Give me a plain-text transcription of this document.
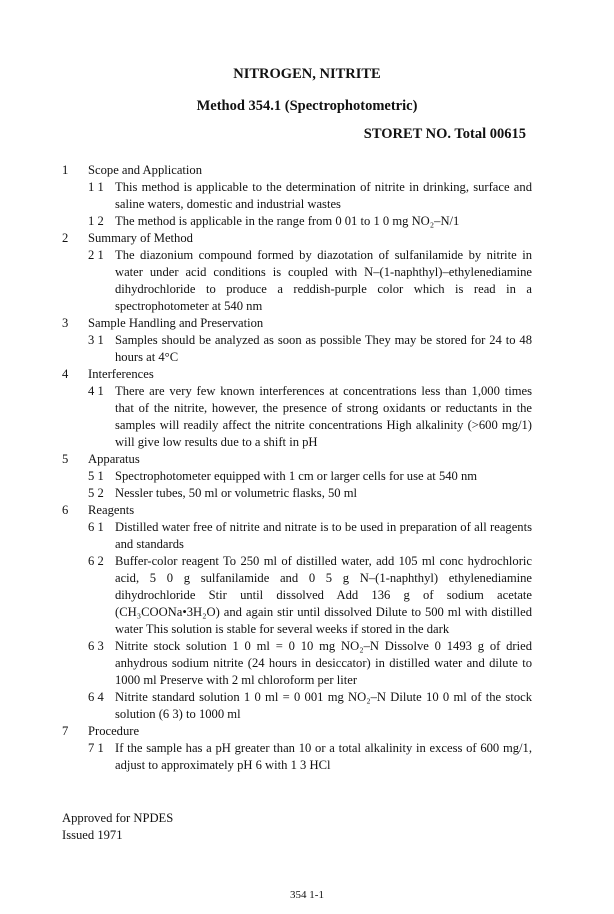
NITROGEN, NITRITE
Method 354.1 (Spectrophotometric)
STORET NO. Total 00615
1	Scope and Application
1 1 This method is applicable to the determination of nitrite in drinking, surface and saline waters, domestic and industrial wastes
1 2 The method is applicable in the range from 0 01 to 1 0 mg NO₂–N/1
2	Summary of Method
2 1 The diazonium compound formed by diazotation of sulfanilamide by nitrite in water under acid conditions is coupled with N–(1-naphthyl)–ethylenediamine dihydrochloride to produce a reddish-purple color which is read in a spectrophotometer at 540 nm
3	Sample Handling and Preservation
3 1 Samples should be analyzed as soon as possible They may be stored for 24 to 48 hours at 4°C
4	Interferences
4 1 There are very few known interferences at concentrations less than 1,000 times that of the nitrite, however, the presence of strong oxidants or reductants in the samples will readily affect the nitrite concentrations High alkalinity (>600 mg/1) will give low results due to a shift in pH
5	Apparatus
5 1 Spectrophotometer equipped with 1 cm or larger cells for use at 540 nm
5 2 Nessler tubes, 50 ml or volumetric flasks, 50 ml
6	Reagents
6 1 Distilled water free of nitrite and nitrate is to be used in preparation of all reagents and standards
6 2 Buffer-color reagent To 250 ml of distilled water, add 105 ml conc hydrochloric acid, 5 0 g sulfanilamide and 0 5 g N–(1-naphthyl) ethylenediamine dihydrochloride Stir until dissolved Add 136 g of sodium acetate (CH₃COONa•3H₂O) and again stir until dissolved Dilute to 500 ml with distilled water This solution is stable for several weeks if stored in the dark
6 3 Nitrite stock solution 1 0 ml = 0 10 mg NO₂–N Dissolve 0 1493 g of dried anhydrous sodium nitrite (24 hours in desiccator) in distilled water and dilute to 1000 ml Preserve with 2 ml chloroform per liter
6 4 Nitrite standard solution 1 0 ml = 0 001 mg NO₂–N Dilute 10 0 ml of the stock solution (6 3) to 1000 ml
7	Procedure
7 1 If the sample has a pH greater than 10 or a total alkalinity in excess of 600 mg/1, adjust to approximately pH 6 with 1 3 HCl
Approved for NPDES
Issued 1971
354 1-1
